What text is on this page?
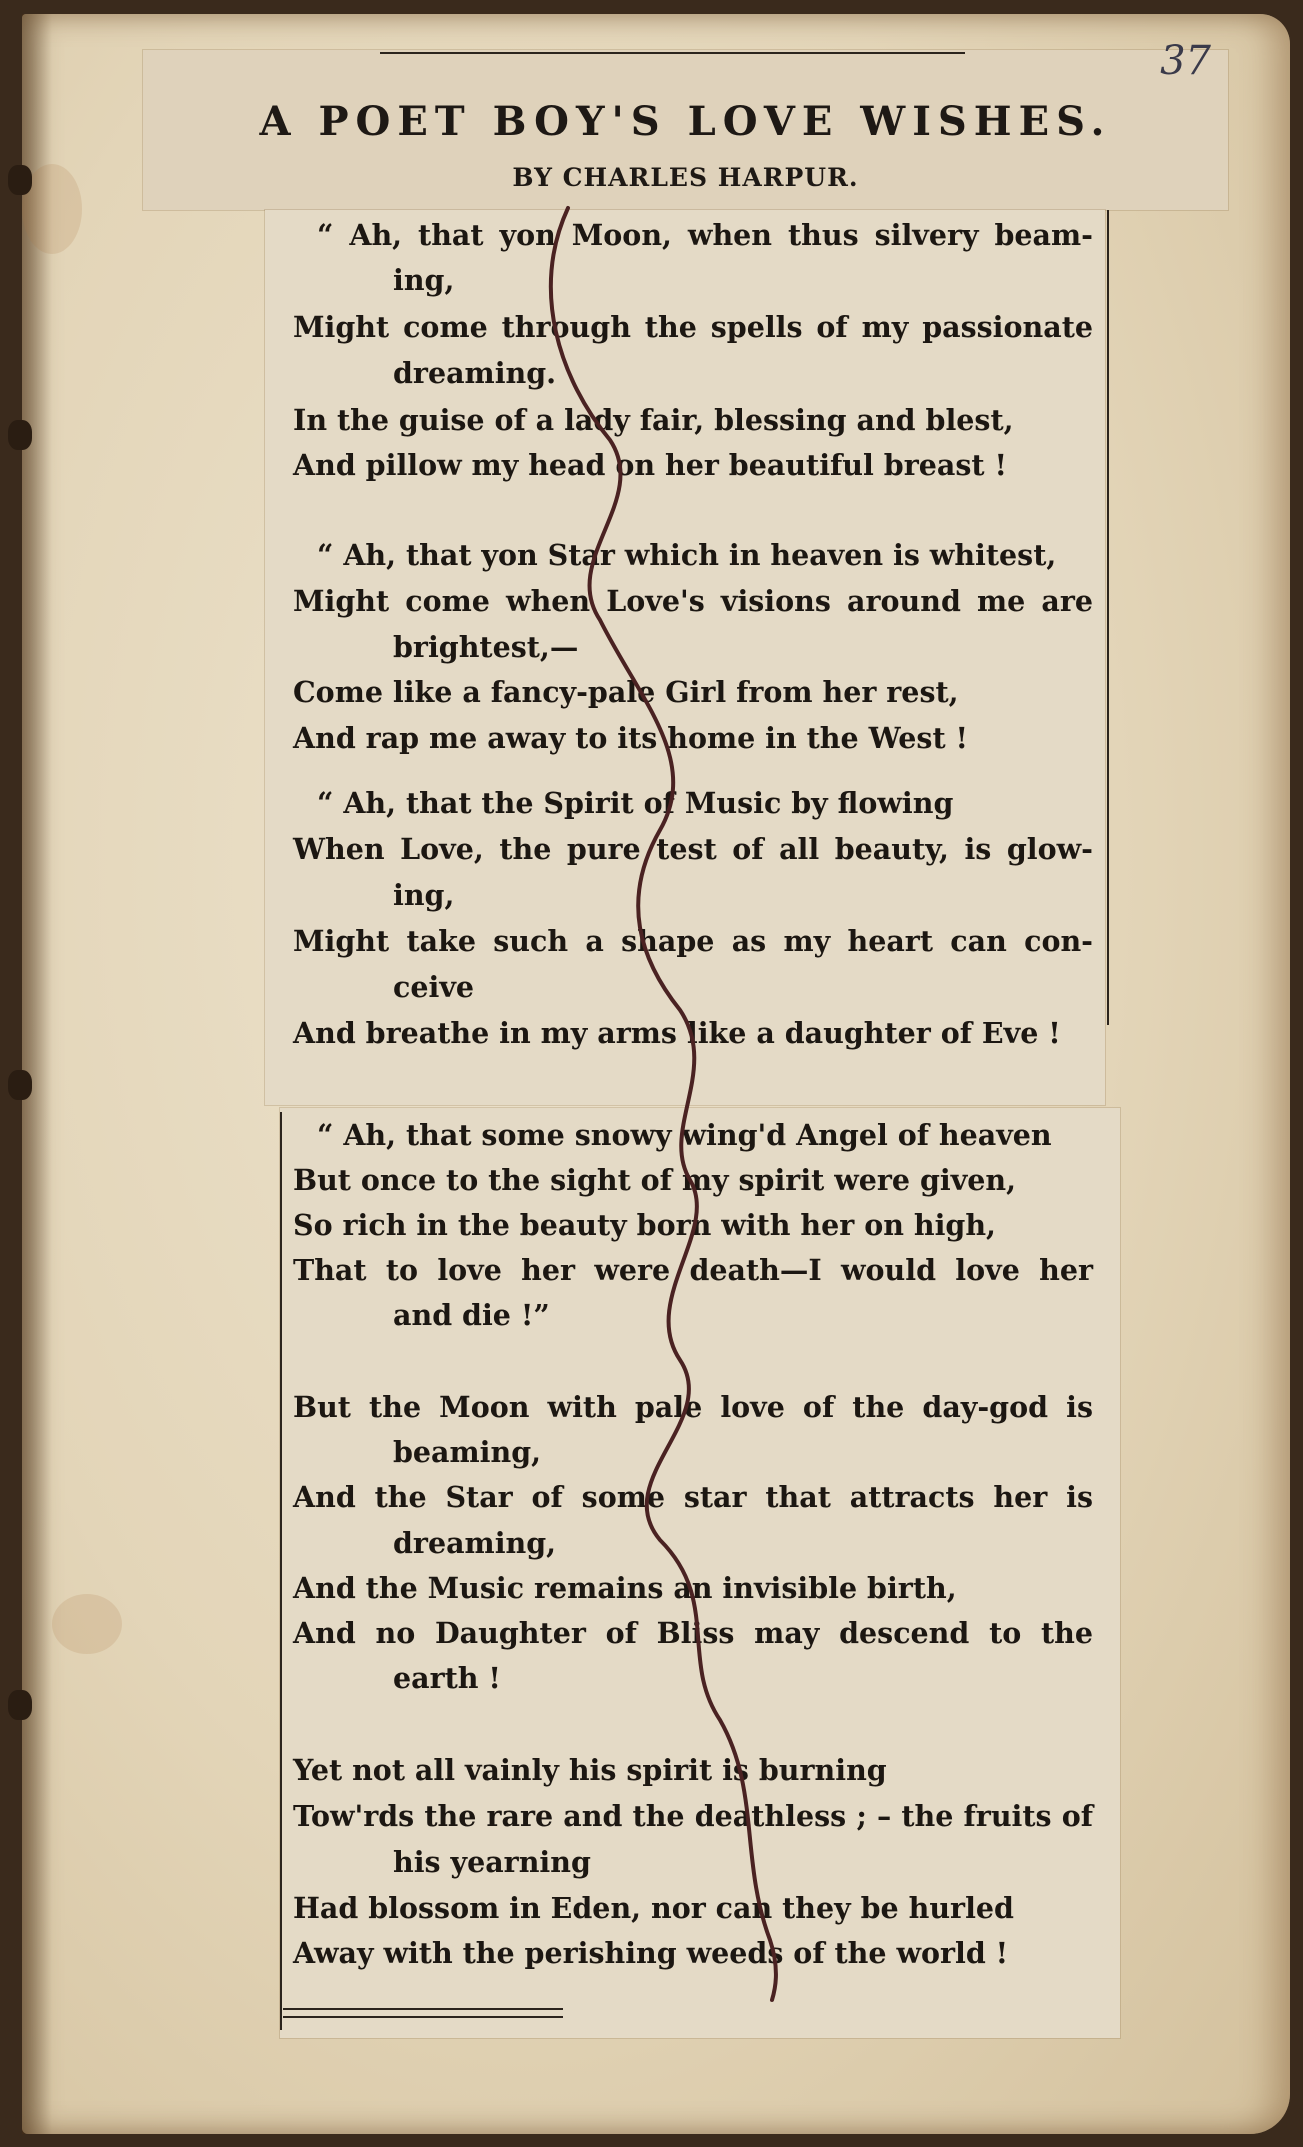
37
A POET BOY'S LOVE WISHES.
BY CHARLES HARPUR.
“ Ah, that yon Moon, when thus silvery beam-
ing,
Might come through the spells of my passionate
dreaming.
In the guise of a lady fair, blessing and blest,
And pillow my head on her beautiful breast !
“ Ah, that yon Star which in heaven is whitest,
Might come when Love's visions around me are
brightest,—
Come like a fancy-pale Girl from her rest,
And rap me away to its home in the West !
“ Ah, that the Spirit of Music by flowing
When Love, the pure test of all beauty, is glow-
ing,
Might take such a shape as my heart can con-
ceive
And breathe in my arms like a daughter of Eve !
“ Ah, that some snowy wing'd Angel of heaven
But once to the sight of my spirit were given,
So rich in the beauty born with her on high,
That to love her were death—I would love her
and die !”
But the Moon with pale love of the day-god is
beaming,
And the Star of some star that attracts her is
dreaming,
And the Music remains an invisible birth,
And no Daughter of Bliss may descend to the
earth !
Yet not all vainly his spirit is burning
Tow'rds the rare and the deathless ; – the fruits of
his yearning
Had blossom in Eden, nor can they be hurled
Away with the perishing weeds of the world !
